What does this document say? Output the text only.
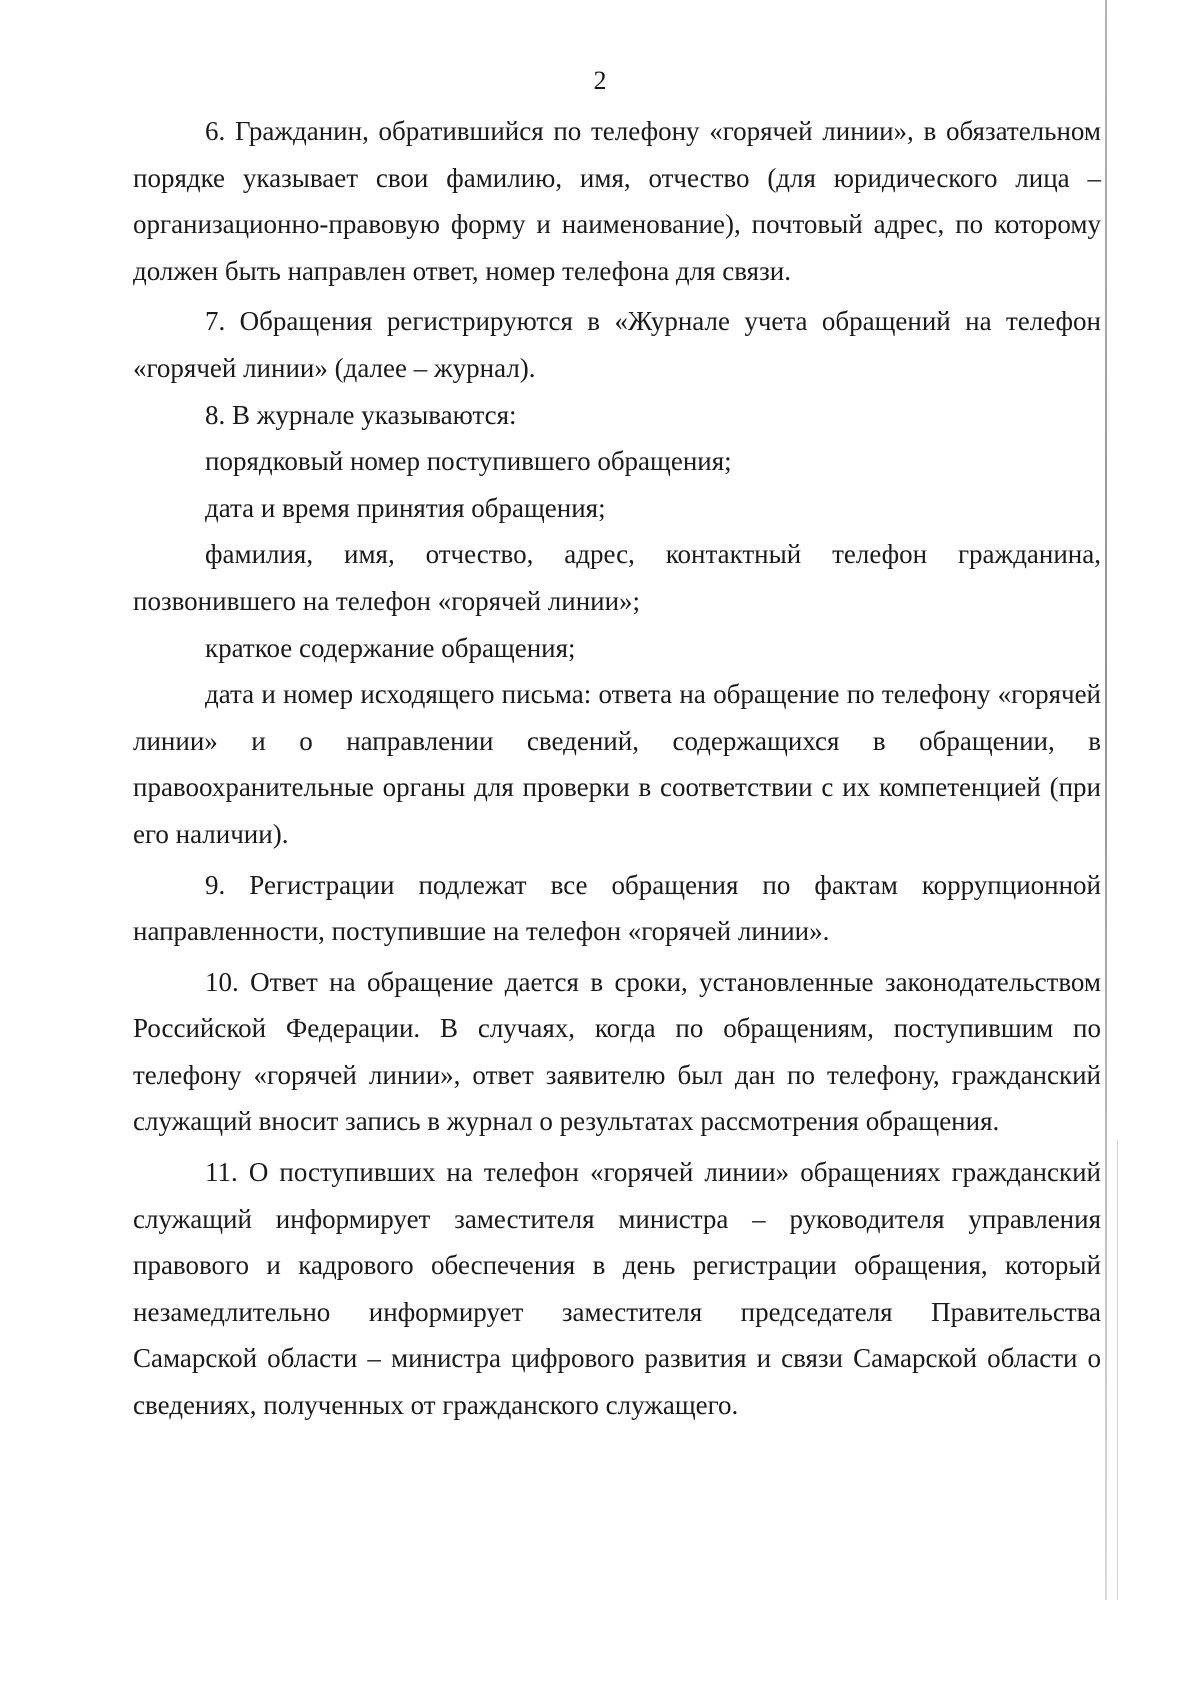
2

6. Гражданин, обратившийся по телефону «горячей линии», в обязательном порядке указывает свои фамилию, имя, отчество (для юридического лица – организационно-правовую форму и наименование), почтовый адрес, по которому должен быть направлен ответ, номер телефона для связи.

7. Обращения регистрируются в «Журнале учета обращений на телефон «горячей линии» (далее – журнал).

8. В журнале указываются:

порядковый номер поступившего обращения;

дата и время принятия обращения;

фамилия, имя, отчество, адрес, контактный телефон гражданина, позвонившего на телефон «горячей линии»;

краткое содержание обращения;

дата и номер исходящего письма: ответа на обращение по телефону «горячей линии» и о направлении сведений, содержащихся в обращении, в правоохранительные органы для проверки в соответствии с их компетенцией (при его наличии).

9. Регистрации подлежат все обращения по фактам коррупционной направленности, поступившие на телефон «горячей линии».

10. Ответ на обращение дается в сроки, установленные законодательством Российской Федерации. В случаях, когда по обращениям, поступившим по телефону «горячей линии», ответ заявителю был дан по телефону, гражданский служащий вносит запись в журнал о результатах рассмотрения обращения.

11. О поступивших на телефон «горячей линии» обращениях гражданский служащий информирует заместителя министра – руководителя управления правового и кадрового обеспечения в день регистрации обращения, который незамедлительно информирует заместителя председателя Правительства Самарской области – министра цифрового развития и связи Самарской области о сведениях, полученных от гражданского служащего.
